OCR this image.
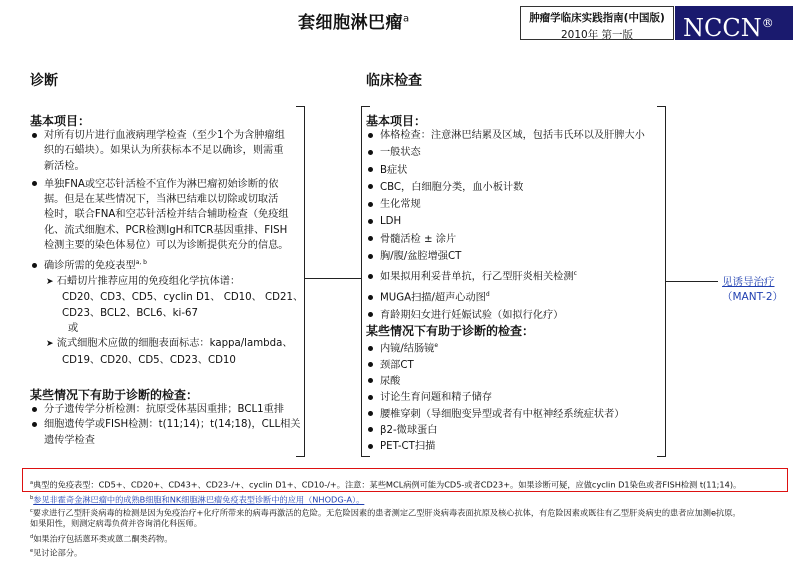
套细胞淋巴瘤$^a$	肿瘤学临床实践指南(中国版)
2010年 第一版	NCCN®
诊断	临床检查
基本项目：
对所有切片进行血液病理学检查（至少1个为含肿瘤组
织的石蜡块）。如果认为所获标本不足以确诊，则需重
新活检。
单独FNA或空芯针活检不宜作为淋巴瘤初始诊断的依
据。但是在某些情况下，当淋巴结难以切除或切取活
检时，联合FNA和空芯针活检并结合辅助检查（免疫组
化、流式细胞术、PCR检测IgH和TCR基因重排、FISH
检测主要的染色体易位）可以为诊断提供充分的信息。
确诊所需的免疫表型$^{a, b}$
➤ 石蜡切片推荐应用的免疫组化学抗体谱：
CD20、CD3、CD5、cyclin D1、 CD10、 CD21、
CD23、BCL2、BCL6、ki-67
或
➤ 流式细胞术应做的细胞表面标志：kappa/lambda、
CD19、CD20、CD5、CD23、CD10
某些情况下有助于诊断的检查：
分子遗传学分析检测：抗原受体基因重排；BCL1重排
细胞遗传学或FISH检测：t(11;14)；t(14;18)，CLL相关
遗传学检查
基本项目：
体格检查：注意淋巴结累及区域，包括韦氏环以及肝脾大小
一般状态
B症状
CBC，白细胞分类，血小板计数
生化常规
LDH
骨髓活检 ± 涂片
胸/腹/盆腔增强CT
如果拟用利妥昔单抗，行乙型肝炎相关检测$^c$
MUGA扫描/超声心动图$^d$
育龄期妇女进行妊娠试验（如拟行化疗）
某些情况下有助于诊断的检查：
内镜/结肠镜$^e$
颈部CT
尿酸
讨论生育问题和精子储存
腰椎穿刺（导细胞变异型或者有中枢神经系统症状者）
β2-微球蛋白
PET-CT扫描
见诱导治疗
（MANT-2）
$^a$典型的免疫表型：CD5+、CD20+、CD43+、CD23-/+、cyclin D1+、CD10-/+。注意：某些MCL病例可能为CD5-或者CD23+。如果诊断可疑，应做cyclin D1染色或者FISH检测 t(11;14)。
$^b$参见非霍奇金淋巴瘤中的成熟B细胞和NK细胞淋巴瘤免疫表型诊断中的应用（NHODG-A）。
$^c$要求进行乙型肝炎病毒的检测是因为免疫治疗+化疗所带来的病毒再激活的危险。无危险因素的患者测定乙型肝炎病毒表面抗原及核心抗体，有危险因素或既往有乙型肝炎病史的患者应加测e抗原。
如果阳性，则测定病毒负荷并咨询消化科医师。
$^d$如果治疗包括蒽环类或蒽二酮类药物。
$^e$见讨论部分。
